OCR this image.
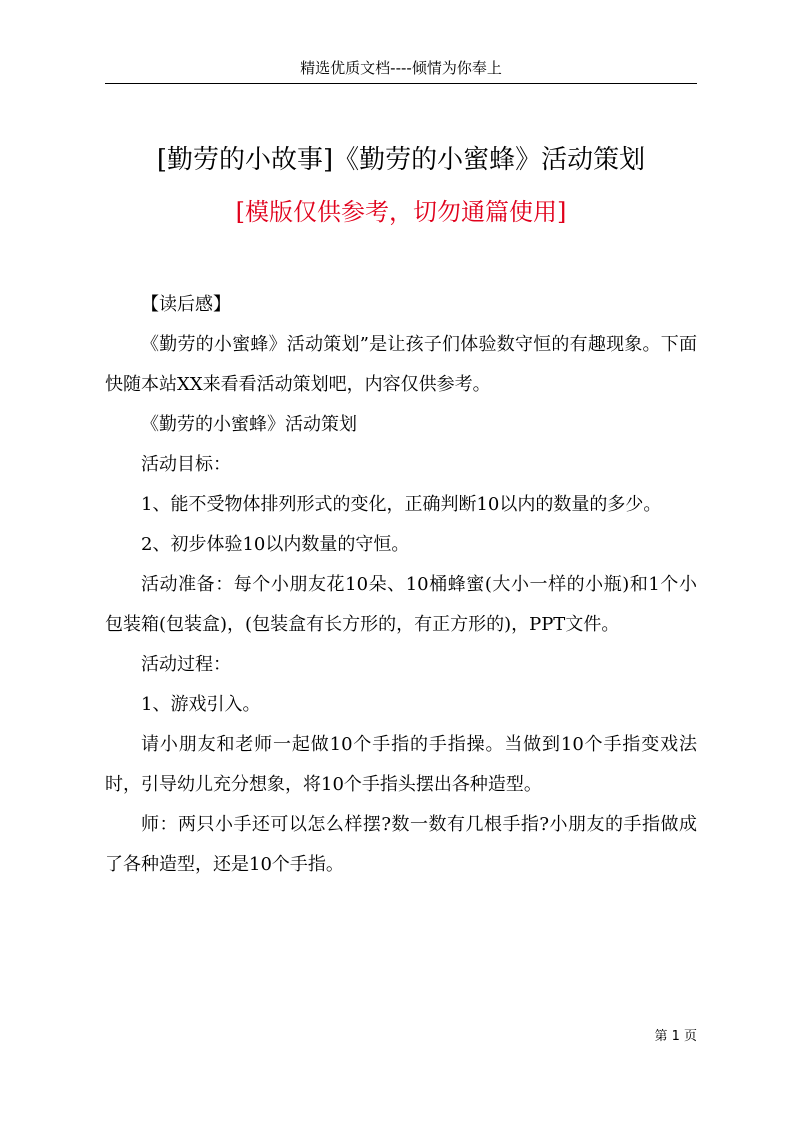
精选优质文档----倾情为你奉上
[勤劳的小故事]《勤劳的小蜜蜂》活动策划
[模版仅供参考，切勿通篇使用]

【读后感】

《勤劳的小蜜蜂》活动策划”是让孩子们体验数守恒的有趣现象。下面快随本站XX来看看活动策划吧，内容仅供参考。

《勤劳的小蜜蜂》活动策划

活动目标：

1、能不受物体排列形式的变化，正确判断10以内的数量的多少。

2、初步体验10以内数量的守恒。

活动准备：每个小朋友花10朵、10桶蜂蜜(大小一样的小瓶)和1个小包装箱(包装盒)，(包装盒有长方形的，有正方形的)，PPT文件。

活动过程：

1、游戏引入。

请小朋友和老师一起做10个手指的手指操。当做到10个手指变戏法时，引导幼儿充分想象，将10个手指头摆出各种造型。

师：两只小手还可以怎么样摆?数一数有几根手指?小朋友的手指做成了各种造型，还是10个手指。

第 1 页
